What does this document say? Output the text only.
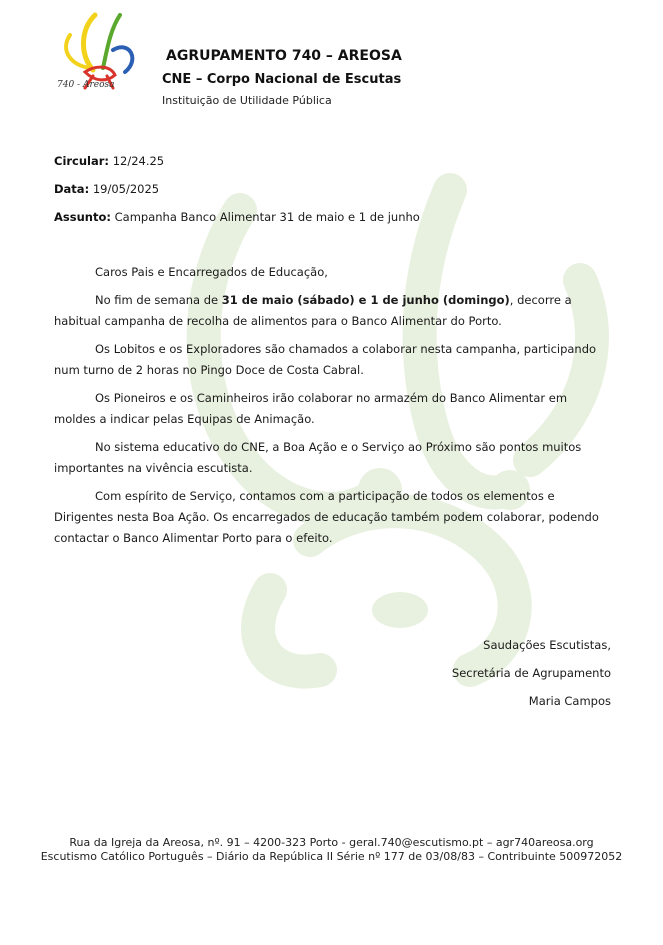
740 - Areosa
AGRUPAMENTO 740 – AREOSA
CNE – Corpo Nacional de Escutas
Instituição de Utilidade Pública
Circular: 12/24.25
Data: 19/05/2025
Assunto: Campanha Banco Alimentar 31 de maio e 1 de junho

Caros Pais e Encarregados de Educação,

No fim de semana de 31 de maio (sábado) e 1 de junho (domingo), decorre a habitual campanha de recolha de alimentos para o Banco Alimentar do Porto.

Os Lobitos e os Exploradores são chamados a colaborar nesta campanha, participando num turno de 2 horas no Pingo Doce de Costa Cabral.

Os Pioneiros e os Caminheiros irão colaborar no armazém do Banco Alimentar em moldes a indicar pelas Equipas de Animação.

No sistema educativo do CNE, a Boa Ação e o Serviço ao Próximo são pontos muitos importantes na vivência escutista.

Com espírito de Serviço, contamos com a participação de todos os elementos e Dirigentes nesta Boa Ação. Os encarregados de educação também podem colaborar, podendo contactar o Banco Alimentar Porto para o efeito.

Saudações Escutistas,
Secretária de Agrupamento
Maria Campos
Rua da Igreja da Areosa, nº. 91 – 4200-323 Porto - geral.740@escutismo.pt – agr740areosa.org
Escutismo Católico Português – Diário da República II Série nº 177 de 03/08/83 – Contribuinte 500972052
